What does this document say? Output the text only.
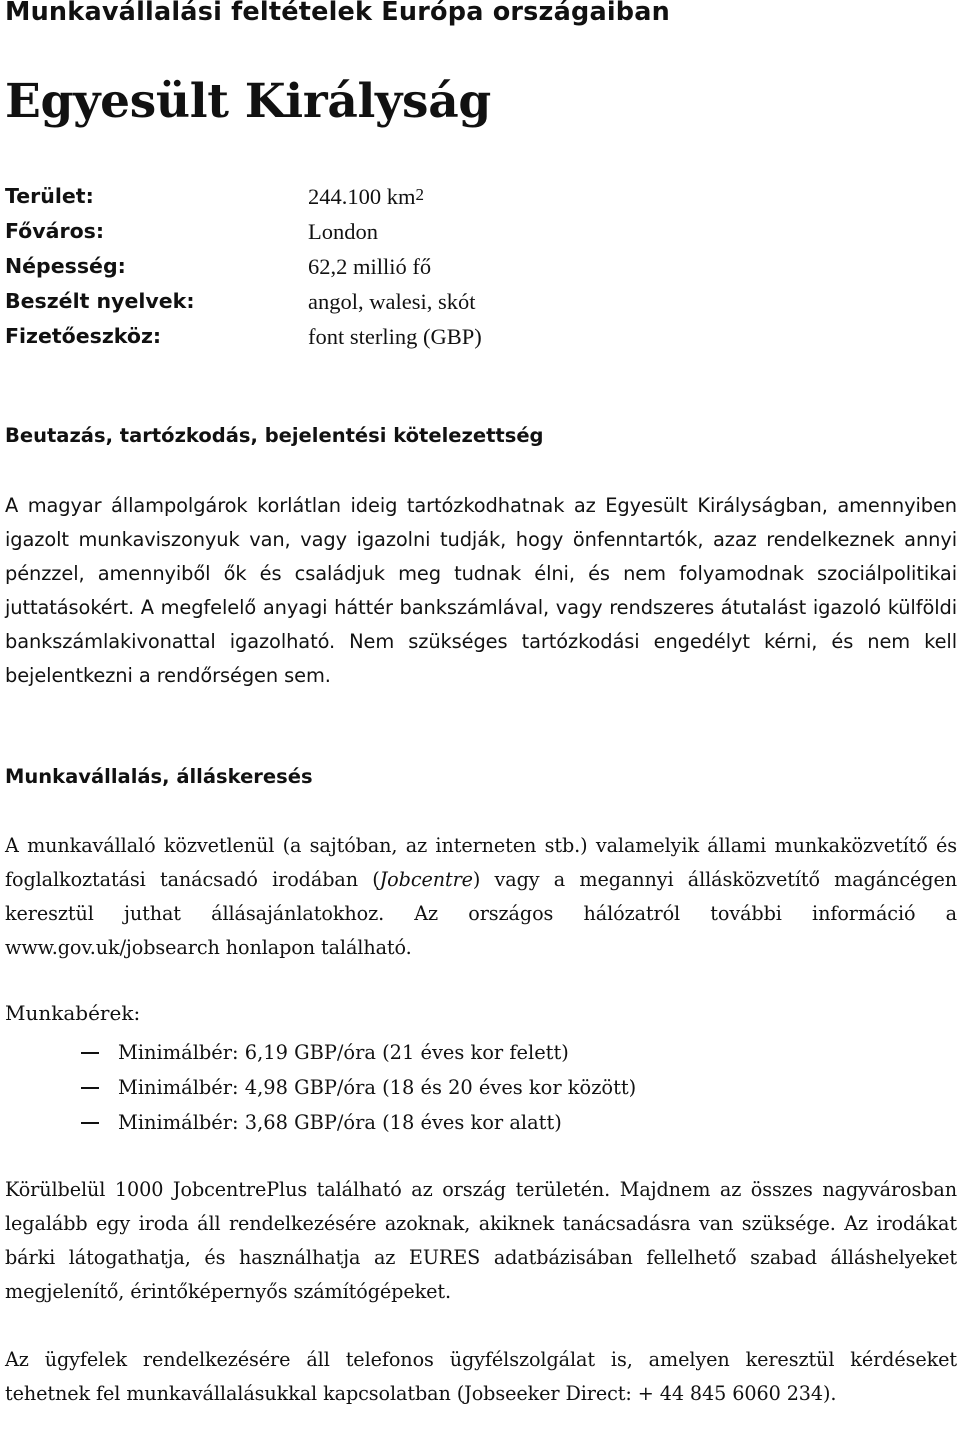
Munkavállalási feltételek Európa országaiban
Egyesült Királyság
Terület:	244.100 $km^2$
Főváros:	London
Népesség:	62,2 millió fő
Beszélt nyelvek:	angol, walesi, skót
Fizetőeszköz:	font sterling (GBP)
Beutazás, tartózkodás, bejelentési kötelezettség

A magyar állampolgárok korlátlan ideig tartózkodhatnak az Egyesült Királyságban, amennyiben igazolt munkaviszonyuk van, vagy igazolni tudják, hogy önfenntartók, azaz rendelkeznek annyi pénzzel, amennyiből ők és családjuk meg tudnak élni, és nem folyamodnak szociálpolitikai juttatásokért. A megfelelő anyagi háttér bankszámlával, vagy rendszeres átutalást igazoló külföldi bankszámlakivonattal igazolható. Nem szükséges tartózkodási engedélyt kérni, és nem kell bejelentkezni a rendőrségen sem.

Munkavállalás, álláskeresés

A munkavállaló közvetlenül (a sajtóban, az interneten stb.) valamelyik állami munkaközvetítő és foglalkoztatási tanácsadó irodában (Jobcentre) vagy a megannyi állásközvetítő magáncégen keresztül juthat állásajánlatokhoz. Az országos hálózatról további információ a www.gov.uk/jobsearch honlapon található.

Munkabérek:
Minimálbér: 6,19 GBP/óra (21 éves kor felett)
Minimálbér: 4,98 GBP/óra (18 és 20 éves kor között)
Minimálbér: 3,68 GBP/óra (18 éves kor alatt)

Körülbelül 1000 JobcentrePlus található az ország területén. Majdnem az összes nagyvárosban legalább egy iroda áll rendelkezésére azoknak, akiknek tanácsadásra van szüksége. Az irodákat bárki látogathatja, és használhatja az EURES adatbázisában fellelhető szabad álláshelyeket megjelenítő, érintőképernyős számítógépeket.

Az ügyfelek rendelkezésére áll telefonos ügyfélszolgálat is, amelyen keresztül kérdéseket tehetnek fel munkavállalásukkal kapcsolatban (Jobseeker Direct: + 44 845 6060 234).
